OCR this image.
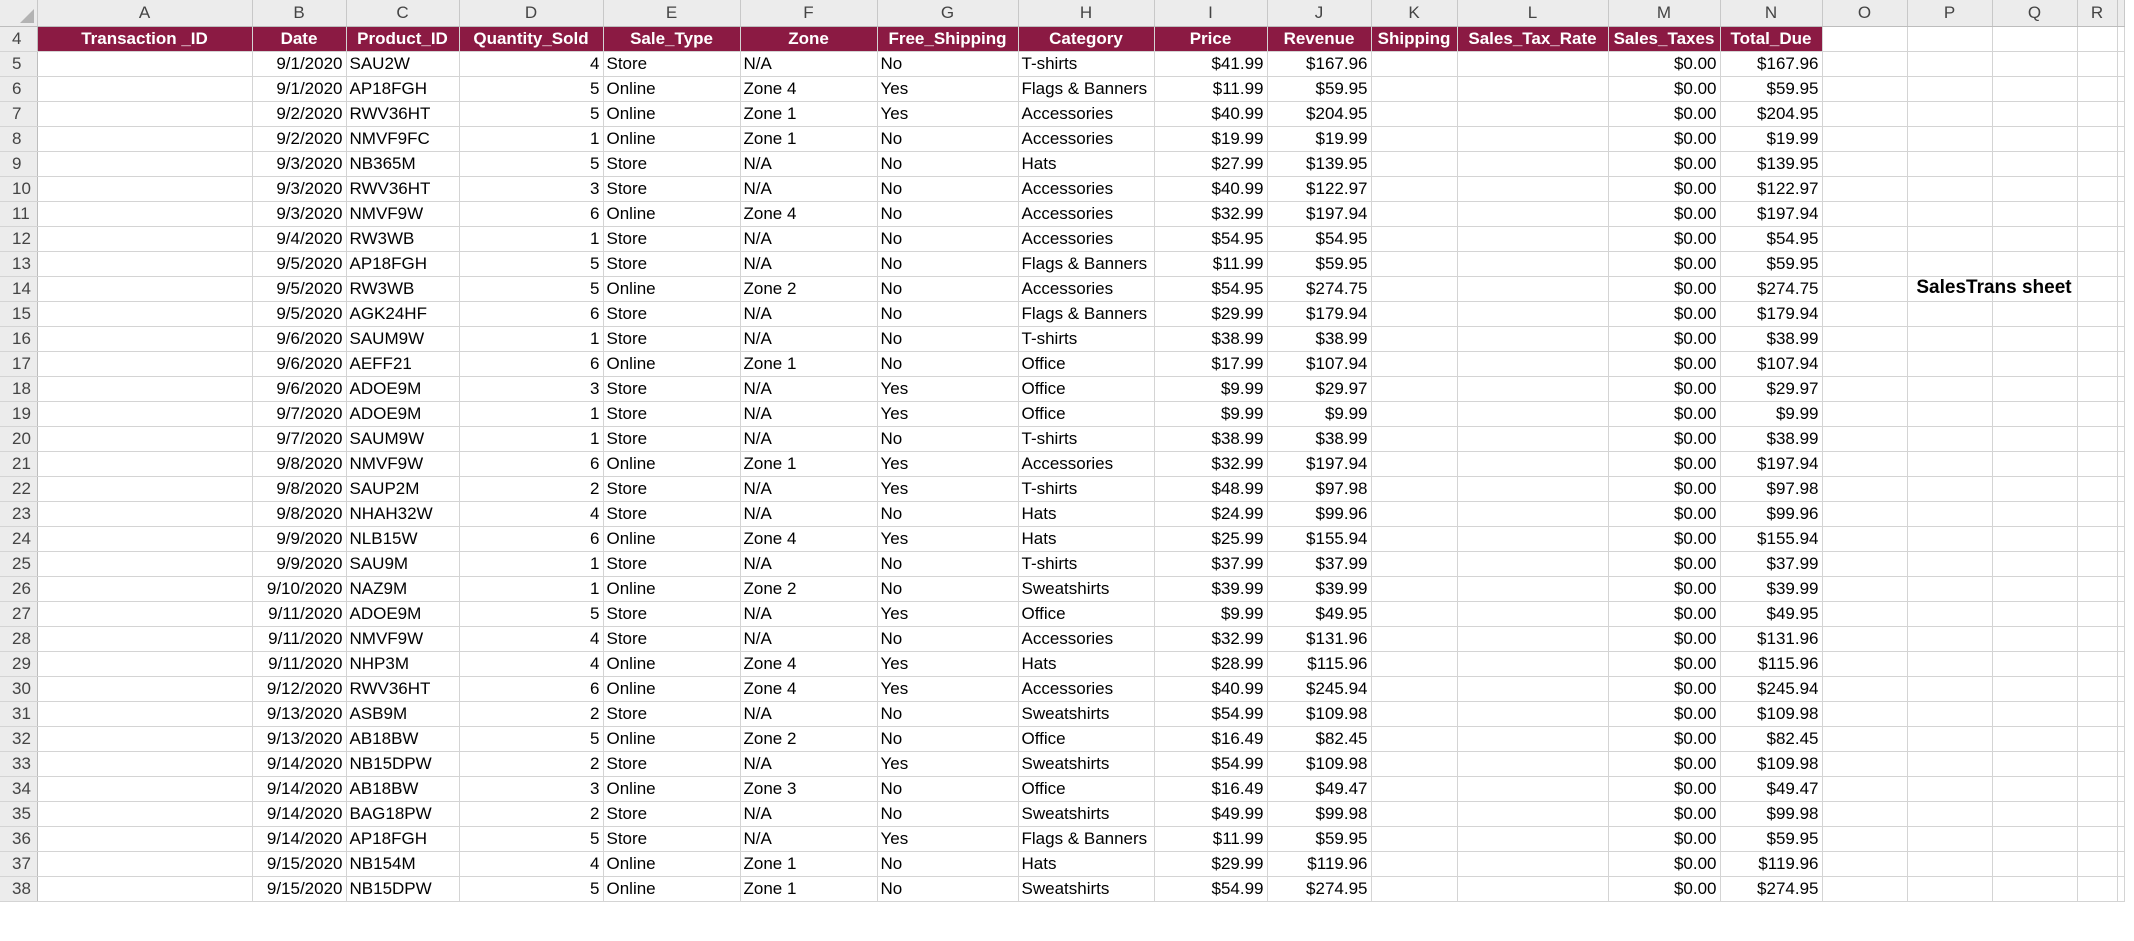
	A	B	C	D	E	F	G	H	I	J	K	L	M	N	O	P	Q	R	
4	Transaction _ID	Date	Product_ID	Quantity_Sold	Sale_Type	Zone	Free_Shipping	Category	Price	Revenue	Shipping	Sales_Tax_Rate	Sales_Taxes	Total_Due					
5		9/1/2020	SAU2W	4	Store	N/A	No	T-shirts	$41.99	$167.96			$0.00	$167.96					
6		9/1/2020	AP18FGH	5	Online	Zone 4	Yes	Flags & Banners	$11.99	$59.95			$0.00	$59.95					
7		9/2/2020	RWV36HT	5	Online	Zone 1	Yes	Accessories	$40.99	$204.95			$0.00	$204.95					
8		9/2/2020	NMVF9FC	1	Online	Zone 1	No	Accessories	$19.99	$19.99			$0.00	$19.99					
9		9/3/2020	NB365M	5	Store	N/A	No	Hats	$27.99	$139.95			$0.00	$139.95					
10		9/3/2020	RWV36HT	3	Store	N/A	No	Accessories	$40.99	$122.97			$0.00	$122.97					
11		9/3/2020	NMVF9W	6	Online	Zone 4	No	Accessories	$32.99	$197.94			$0.00	$197.94					
12		9/4/2020	RW3WB	1	Store	N/A	No	Accessories	$54.95	$54.95			$0.00	$54.95					
13		9/5/2020	AP18FGH	5	Store	N/A	No	Flags & Banners	$11.99	$59.95			$0.00	$59.95					
14		9/5/2020	RW3WB	5	Online	Zone 2	No	Accessories	$54.95	$274.75			$0.00	$274.75					
15		9/5/2020	AGK24HF	6	Store	N/A	No	Flags & Banners	$29.99	$179.94			$0.00	$179.94					
16		9/6/2020	SAUM9W	1	Store	N/A	No	T-shirts	$38.99	$38.99			$0.00	$38.99					
17		9/6/2020	AEFF21	6	Online	Zone 1	No	Office	$17.99	$107.94			$0.00	$107.94					
18		9/6/2020	ADOE9M	3	Store	N/A	Yes	Office	$9.99	$29.97			$0.00	$29.97					
19		9/7/2020	ADOE9M	1	Store	N/A	Yes	Office	$9.99	$9.99			$0.00	$9.99					
20		9/7/2020	SAUM9W	1	Store	N/A	No	T-shirts	$38.99	$38.99			$0.00	$38.99					
21		9/8/2020	NMVF9W	6	Online	Zone 1	Yes	Accessories	$32.99	$197.94			$0.00	$197.94					
22		9/8/2020	SAUP2M	2	Store	N/A	Yes	T-shirts	$48.99	$97.98			$0.00	$97.98					
23		9/8/2020	NHAH32W	4	Store	N/A	No	Hats	$24.99	$99.96			$0.00	$99.96					
24		9/9/2020	NLB15W	6	Online	Zone 4	Yes	Hats	$25.99	$155.94			$0.00	$155.94					
25		9/9/2020	SAU9M	1	Store	N/A	No	T-shirts	$37.99	$37.99			$0.00	$37.99					
26		9/10/2020	NAZ9M	1	Online	Zone 2	No	Sweatshirts	$39.99	$39.99			$0.00	$39.99					
27		9/11/2020	ADOE9M	5	Store	N/A	Yes	Office	$9.99	$49.95			$0.00	$49.95					
28		9/11/2020	NMVF9W	4	Store	N/A	No	Accessories	$32.99	$131.96			$0.00	$131.96					
29		9/11/2020	NHP3M	4	Online	Zone 4	Yes	Hats	$28.99	$115.96			$0.00	$115.96					
30		9/12/2020	RWV36HT	6	Online	Zone 4	Yes	Accessories	$40.99	$245.94			$0.00	$245.94					
31		9/13/2020	ASB9M	2	Store	N/A	No	Sweatshirts	$54.99	$109.98			$0.00	$109.98					
32		9/13/2020	AB18BW	5	Online	Zone 2	No	Office	$16.49	$82.45			$0.00	$82.45					
33		9/14/2020	NB15DPW	2	Store	N/A	Yes	Sweatshirts	$54.99	$109.98			$0.00	$109.98					
34		9/14/2020	AB18BW	3	Online	Zone 3	No	Office	$16.49	$49.47			$0.00	$49.47					
35		9/14/2020	BAG18PW	2	Store	N/A	No	Sweatshirts	$49.99	$99.98			$0.00	$99.98					
36		9/14/2020	AP18FGH	5	Store	N/A	Yes	Flags & Banners	$11.99	$59.95			$0.00	$59.95					
37		9/15/2020	NB154M	4	Online	Zone 1	No	Hats	$29.99	$119.96			$0.00	$119.96					
38		9/15/2020	NB15DPW	5	Online	Zone 1	No	Sweatshirts	$54.99	$274.95			$0.00	$274.95					
SalesTrans sheet
